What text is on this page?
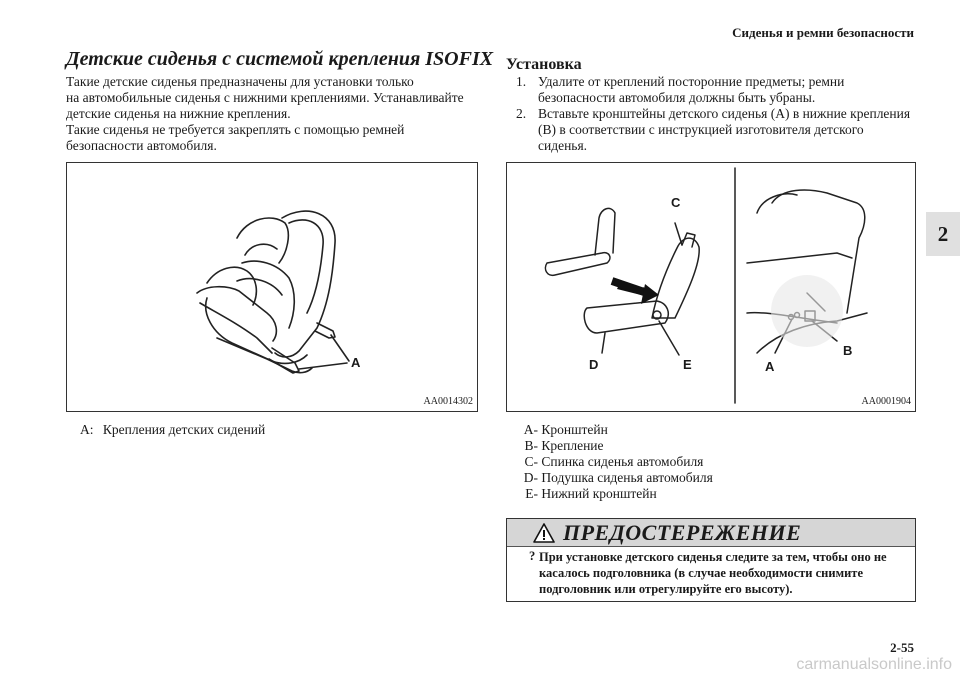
Сиденья и ремни безопасности
2
Детские сиденья с системой крепления ISOFIX
Такие детские сиденья предназначены для установки только
на автомобильные сиденья с нижними креплениями. Устанавливайте
детские сиденья на нижние крепления.
Такие сиденья не требуется закреплять с помощью ремней
безопасности автомобиля.
A
AA0014302
A: Крепления детских сидений
Установка
1. Удалите от креплений посторонние предметы; ремни
безопасности автомобиля должны быть убраны.
2. Вставьте кронштейны детского сиденья (A) в нижние крепления
(B) в соответствии с инструкцией изготовителя детского
сиденья.
C
D	E	A
B
AA0001904
A- Кронштейн
B- Крепление
C- Спинка сиденья автомобиля
D- Подушка сиденья автомобиля
E- Нижний кронштейн
ПРЕДОСТЕРЕЖЕНИЕ
? При установке детского сиденья следите за тем, чтобы оно не
касалось подголовника (в случае необходимости снимите
подголовник или отрегулируйте его высоту).
2-55
carmanualsonline.info
